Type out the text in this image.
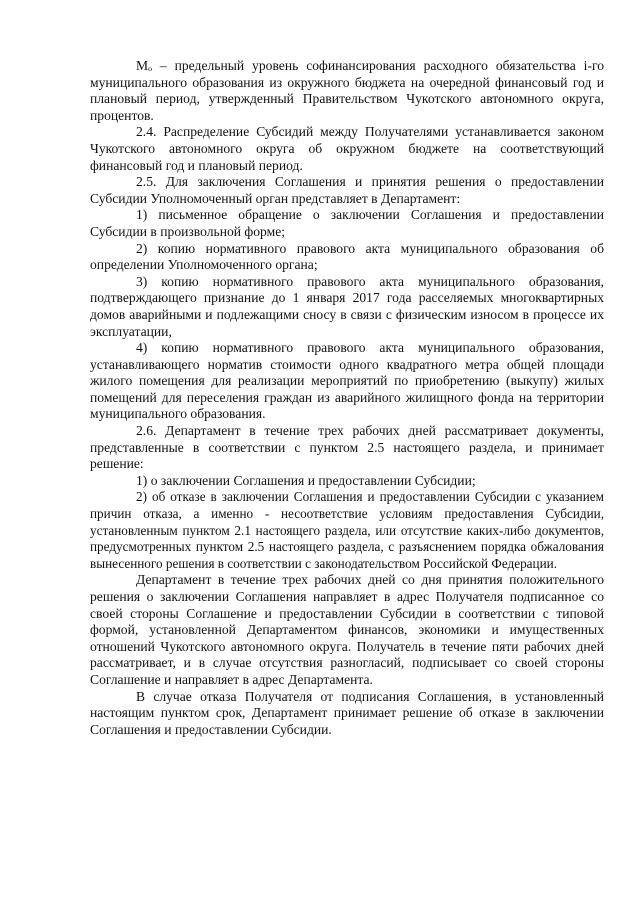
Мₒ – предельный уровень софинансирования расходного обязательства i-го муниципального образования из окружного бюджета на очередной финансовый год и плановый период, утвержденный Правительством Чукотского автономного округа, процентов.

2.4. Распределение Субсидий между Получателями устанавливается законом Чукотского автономного округа об окружном бюджете на соответствующий финансовый год и плановый период.

2.5. Для заключения Соглашения и принятия решения о предоставлении Субсидии Уполномоченный орган представляет в Департамент:

1) письменное обращение о заключении Соглашения и предоставлении Субсидии в произвольной форме;

2) копию нормативного правового акта муниципального образования об определении Уполномоченного органа;

3) копию нормативного правового акта муниципального образования, подтверждающего признание до 1 января 2017 года расселяемых многоквартирных домов аварийными и подлежащими сносу в связи с физическим износом в процессе их эксплуатации,

4) копию нормативного правового акта муниципального образования, устанавливающего норматив стоимости одного квадратного метра общей площади жилого помещения для реализации мероприятий по приобретению (выкупу) жилых помещений для переселения граждан из аварийного жилищного фонда на территории муниципального образования.

2.6. Департамент в течение трех рабочих дней рассматривает документы, представленные в соответствии с пунктом 2.5 настоящего раздела, и принимает решение:

1) о заключении Соглашения и предоставлении Субсидии;

2) об отказе в заключении Соглашения и предоставлении Субсидии с указанием причин отказа, а именно - несоответствие условиям предоставления Субсидии, установленным пунктом 2.1 настоящего раздела, или отсутствие каких-либо документов, предусмотренных пунктом 2.5 настоящего раздела, с разъяснением порядка обжалования вынесенного решения в соответствии с законодательством Российской Федерации.

Департамент в течение трех рабочих дней со дня принятия положительного решения о заключении Соглашения направляет в адрес Получателя подписанное со своей стороны Соглашение и предоставлении Субсидии в соответствии с типовой формой, установленной Департаментом финансов, экономики и имущественных отношений Чукотского автономного округа. Получатель в течение пяти рабочих дней рассматривает, и в случае отсутствия разногласий, подписывает со своей стороны Соглашение и направляет в адрес Департамента.

В случае отказа Получателя от подписания Соглашения, в установленный настоящим пунктом срок, Департамент принимает решение об отказе в заключении Соглашения и предоставлении Субсидии.
